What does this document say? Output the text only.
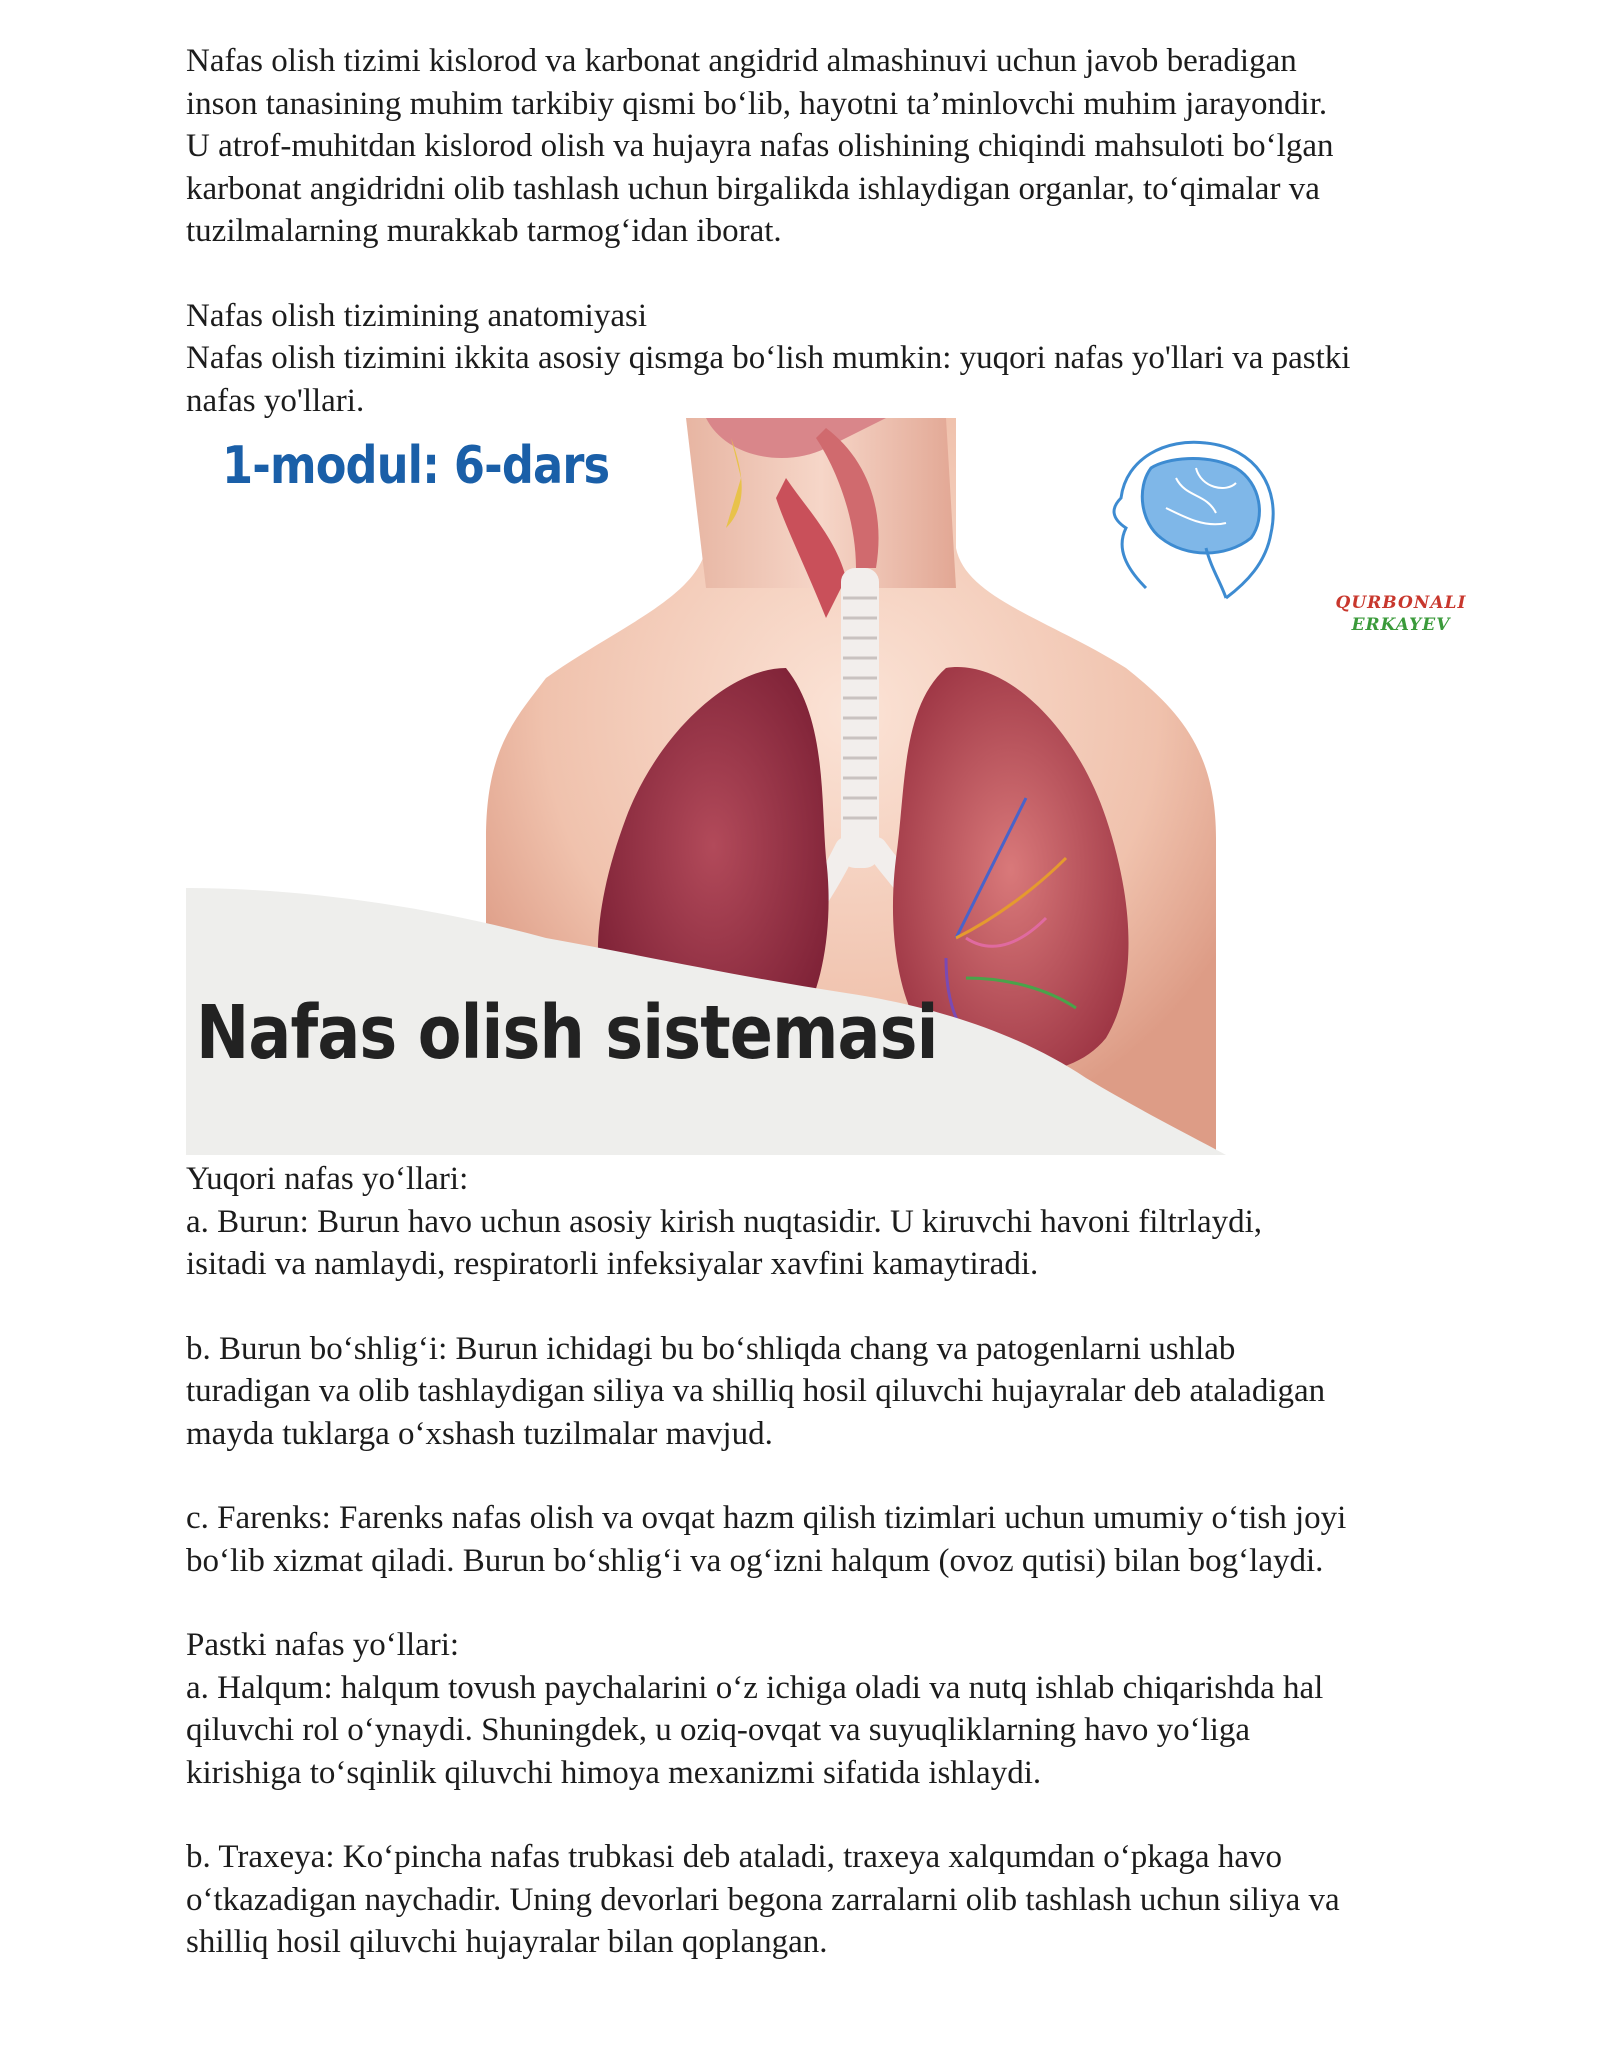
Nafas olish tizimi kislorod va karbonat angidrid almashinuvi uchun javob beradigan
inson tanasining muhim tarkibiy qismi bo‘lib, hayotni ta’minlovchi muhim jarayondir.
U atrof-muhitdan kislorod olish va hujayra nafas olishining chiqindi mahsuloti bo‘lgan
karbonat angidridni olib tashlash uchun birgalikda ishlaydigan organlar, to‘qimalar va
tuzilmalarning murakkab tarmog‘idan iborat.

Nafas olish tizimining anatomiyasi
Nafas olish tizimini ikkita asosiy qismga bo‘lish mumkin: yuqori nafas yo'llari va pastki
nafas yo'llari.

1-modul: 6-dars
Nafas olish sistemasi
QURBONALI
ERKAYEV

Yuqori nafas yo‘llari:
a. Burun: Burun havo uchun asosiy kirish nuqtasidir. U kiruvchi havoni filtrlaydi,
isitadi va namlaydi, respiratorli infeksiyalar xavfini kamaytiradi.

b. Burun bo‘shlig‘i: Burun ichidagi bu bo‘shliqda chang va patogenlarni ushlab
turadigan va olib tashlaydigan siliya va shilliq hosil qiluvchi hujayralar deb ataladigan
mayda tuklarga o‘xshash tuzilmalar mavjud.

c. Farenks: Farenks nafas olish va ovqat hazm qilish tizimlari uchun umumiy o‘tish joyi
bo‘lib xizmat qiladi. Burun bo‘shlig‘i va og‘izni halqum (ovoz qutisi) bilan bog‘laydi.

Pastki nafas yo‘llari:
a. Halqum: halqum tovush paychalarini o‘z ichiga oladi va nutq ishlab chiqarishda hal
qiluvchi rol o‘ynaydi. Shuningdek, u oziq-ovqat va suyuqliklarning havo yo‘liga
kirishiga to‘sqinlik qiluvchi himoya mexanizmi sifatida ishlaydi.

b. Traxeya: Ko‘pincha nafas trubkasi deb ataladi, traxeya xalqumdan o‘pkaga havo
o‘tkazadigan naychadir. Uning devorlari begona zarralarni olib tashlash uchun siliya va
shilliq hosil qiluvchi hujayralar bilan qoplangan.
